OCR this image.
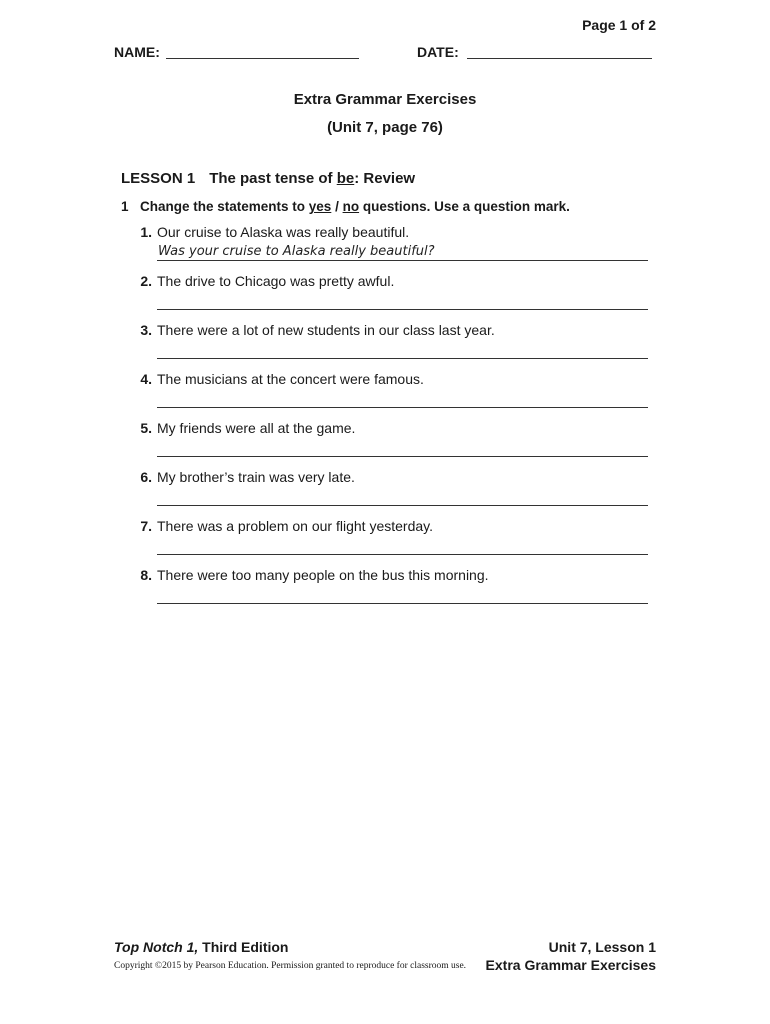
Page 1 of 2
NAME:	DATE:
Extra Grammar Exercises
(Unit 7, page 76)
LESSON 1 The past tense of be: Review
1 Change the statements to yes / no questions. Use a question mark.
1. Our cruise to Alaska was really beautiful.
Was your cruise to Alaska really beautiful?
2. The drive to Chicago was pretty awful.
3. There were a lot of new students in our class last year.
4. The musicians at the concert were famous.
5. My friends were all at the game.
6. My brother’s train was very late.
7. There was a problem on our flight yesterday.
8. There were too many people on the bus this morning.
Top Notch 1, Third Edition
Copyright ©2015 by Pearson Education. Permission granted to reproduce for classroom use.
Unit 7, Lesson 1
Extra Grammar Exercises
